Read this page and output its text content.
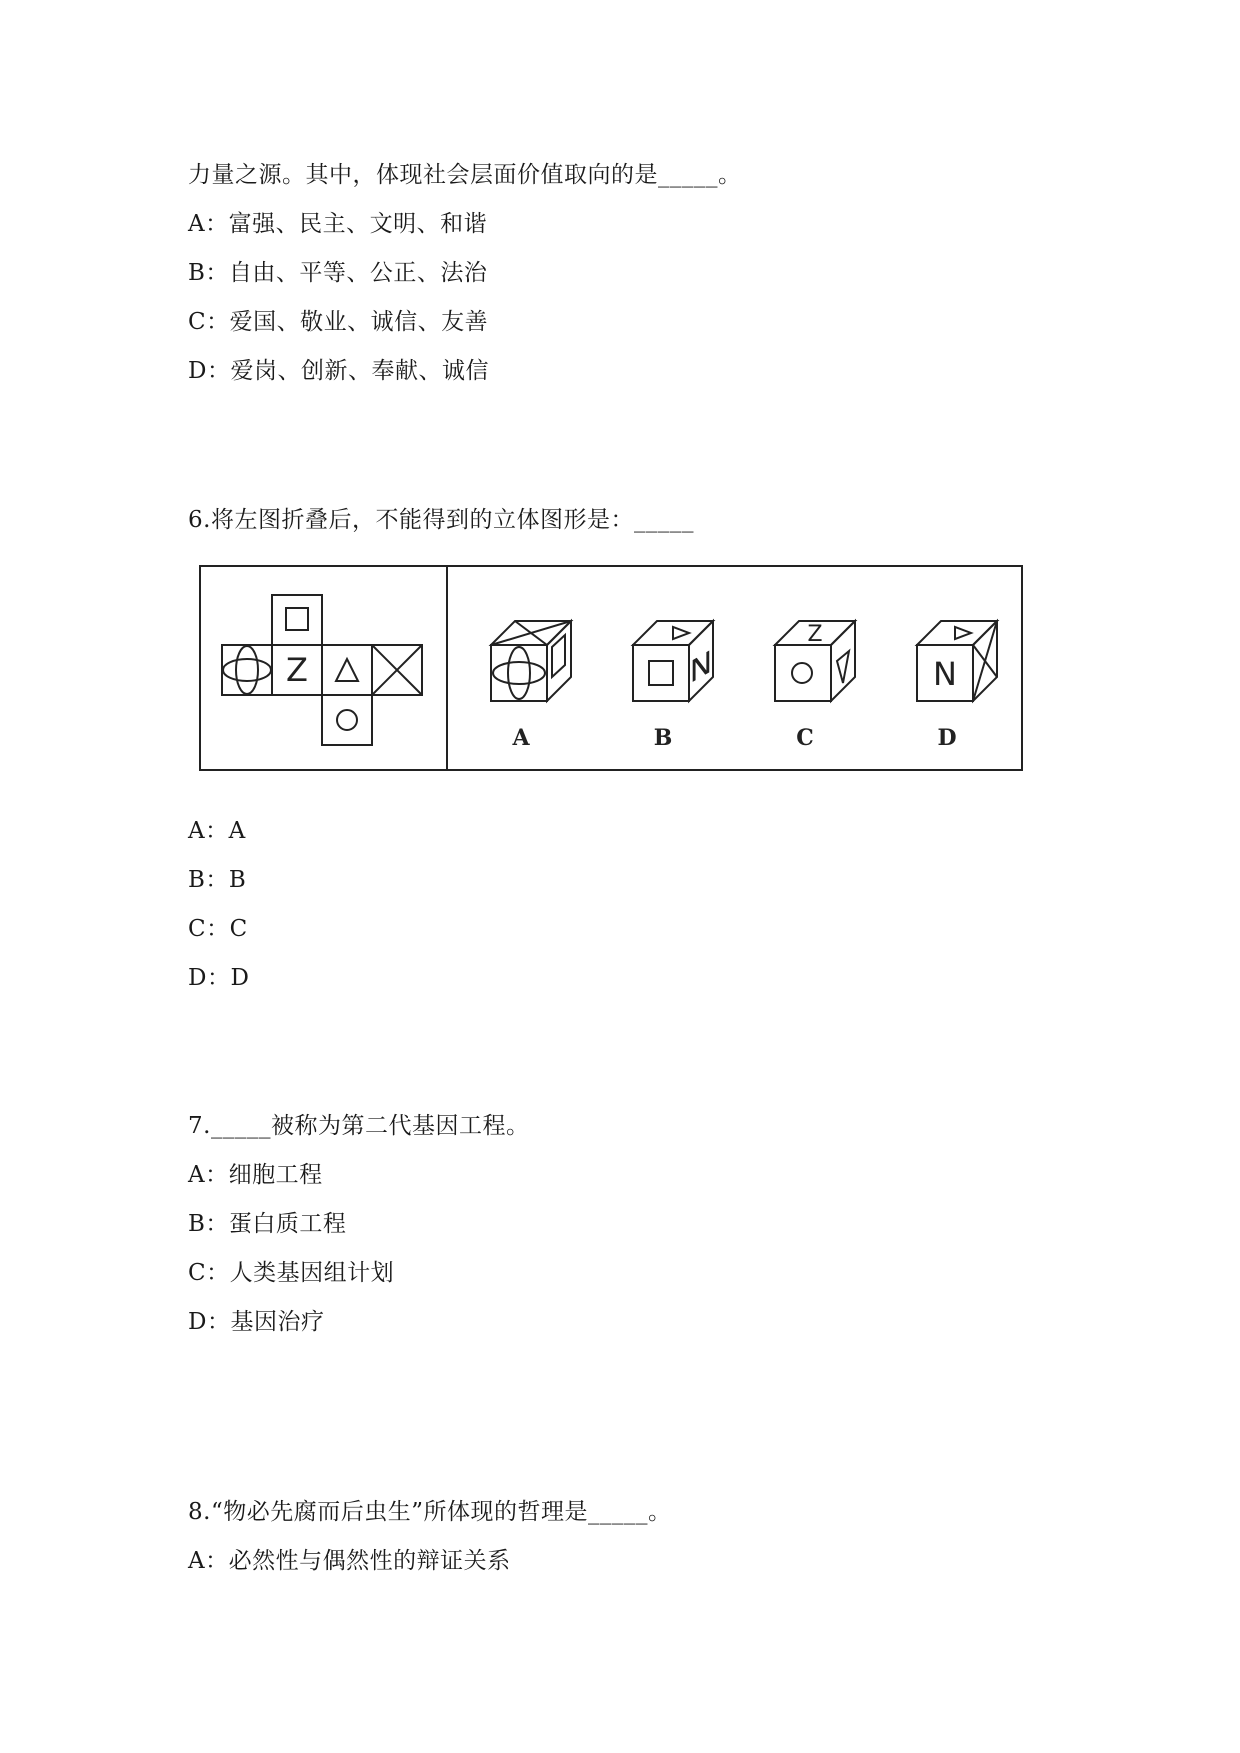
力量之源。其中，体现社会层面价值取向的是_____。
A：富强、民主、文明、和谐
B：自由、平等、公正、法治
C：爱国、敬业、诚信、友善
D：爱岗、创新、奉献、诚信
6.将左图折叠后，不能得到的立体图形是：_____
Z
A
N
B
Z
C
N
D
A：A
B：B
C：C
D：D
7._____被称为第二代基因工程。
A：细胞工程
B：蛋白质工程
C：人类基因组计划
D：基因治疗
8.“物必先腐而后虫生”所体现的哲理是_____。
A：必然性与偶然性的辩证关系
